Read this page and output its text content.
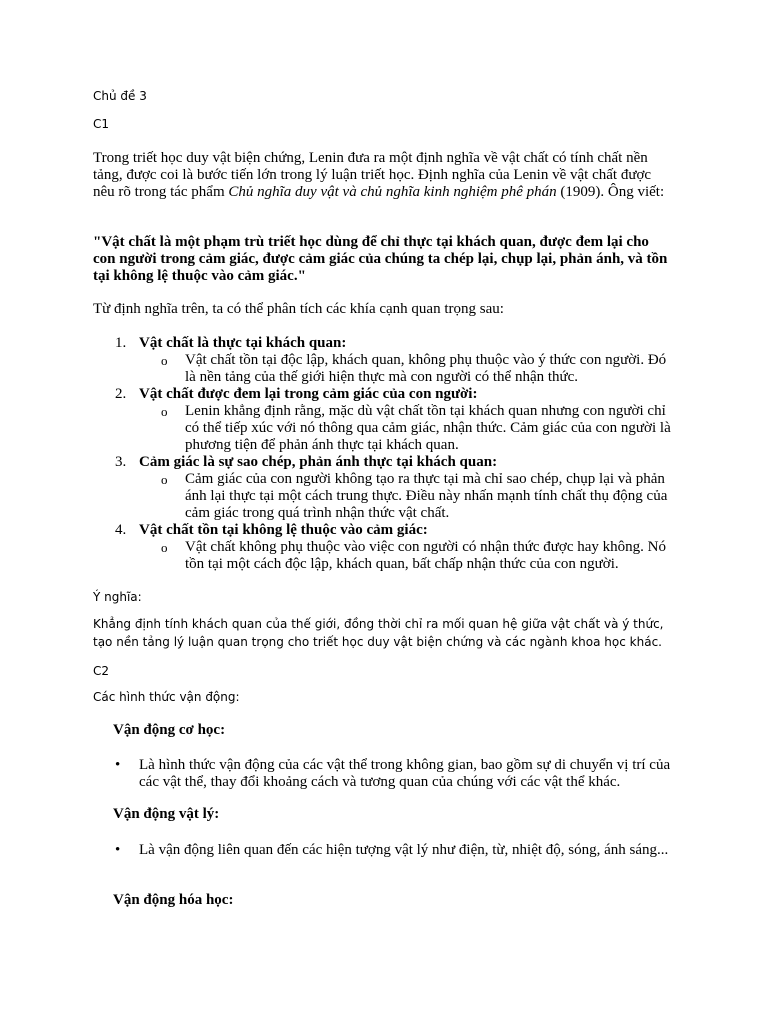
Chủ đề 3

C1

Trong triết học duy vật biện chứng, Lenin đưa ra một định nghĩa về vật chất có tính chất nền tảng, được coi là bước tiến lớn trong lý luận triết học. Định nghĩa của Lenin về vật chất được nêu rõ trong tác phẩm Chủ nghĩa duy vật và chủ nghĩa kinh nghiệm phê phán (1909). Ông viết:

"Vật chất là một phạm trù triết học dùng để chỉ thực tại khách quan, được đem lại cho con người trong cảm giác, được cảm giác của chúng ta chép lại, chụp lại, phản ánh, và tồn tại không lệ thuộc vào cảm giác."

Từ định nghĩa trên, ta có thể phân tích các khía cạnh quan trọng sau:

1. Vật chất là thực tại khách quan:
o Vật chất tồn tại độc lập, khách quan, không phụ thuộc vào ý thức con người. Đó là nền tảng của thế giới hiện thực mà con người có thể nhận thức.
2. Vật chất được đem lại trong cảm giác của con người:
o Lenin khẳng định rằng, mặc dù vật chất tồn tại khách quan nhưng con người chỉ có thể tiếp xúc với nó thông qua cảm giác, nhận thức. Cảm giác của con người là phương tiện để phản ánh thực tại khách quan.
3. Cảm giác là sự sao chép, phản ánh thực tại khách quan:
o Cảm giác của con người không tạo ra thực tại mà chỉ sao chép, chụp lại và phản ánh lại thực tại một cách trung thực. Điều này nhấn mạnh tính chất thụ động của cảm giác trong quá trình nhận thức vật chất.
4. Vật chất tồn tại không lệ thuộc vào cảm giác:
o Vật chất không phụ thuộc vào việc con người có nhận thức được hay không. Nó tồn tại một cách độc lập, khách quan, bất chấp nhận thức của con người.

Ý nghĩa:

Khẳng định tính khách quan của thế giới, đồng thời chỉ ra mối quan hệ giữa vật chất và ý thức, tạo nền tảng lý luận quan trọng cho triết học duy vật biện chứng và các ngành khoa học khác.

C2

Các hình thức vận động:

Vận động cơ học:

• Là hình thức vận động của các vật thể trong không gian, bao gồm sự di chuyển vị trí của các vật thể, thay đổi khoảng cách và tương quan của chúng với các vật thể khác.

Vận động vật lý:

• Là vận động liên quan đến các hiện tượng vật lý như điện, từ, nhiệt độ, sóng, ánh sáng...

Vận động hóa học:
